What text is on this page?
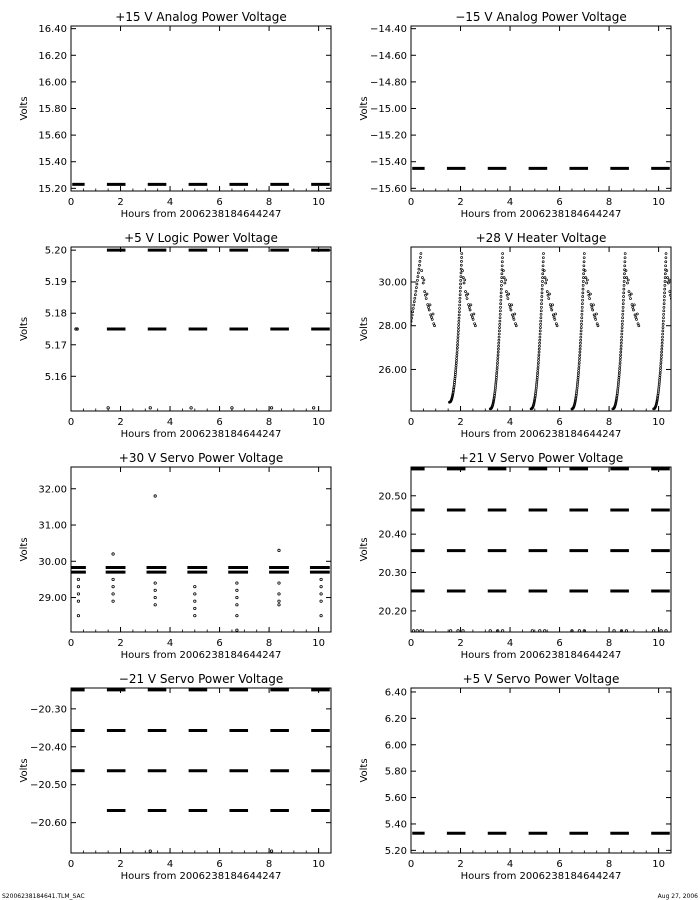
+15 V Analog Power Voltage
0	2	4	6	8	10
Hours from 2006238184644247
15.20
15.40
15.60
15.80
16.00
16.20
16.40
Volts
−15 V Analog Power Voltage
0	2	4	6	8	10
Hours from 2006238184644247
−15.60
−15.40
−15.20
−15.00
−14.80
−14.60
−14.40
Volts
+5 V Logic Power Voltage
0	2	4	6	8	10
Hours from 2006238184644247
5.16
5.17
5.18
5.19
5.20
Volts
+28 V Heater Voltage
0	2	4	6	8	10
Hours from 2006238184644247
26.00
28.00
30.00
Volts
+30 V Servo Power Voltage
0	2	4	6	8	10
Hours from 2006238184644247
29.00
30.00
31.00
32.00
Volts
+21 V Servo Power Voltage
0	2	4	6	8	10
Hours from 2006238184644247
20.20
20.30
20.40
20.50
Volts
−21 V Servo Power Voltage
0	2	4	6	8	10
Hours from 2006238184644247
−20.60
−20.50
−20.40
−20.30
Volts
+5 V Servo Power Voltage
0	2	4	6	8	10
Hours from 2006238184644247
5.20
5.40
5.60
5.80
6.00
6.20
6.40
Volts
S2006238184641.TLM_SAC	Aug 27, 2006
